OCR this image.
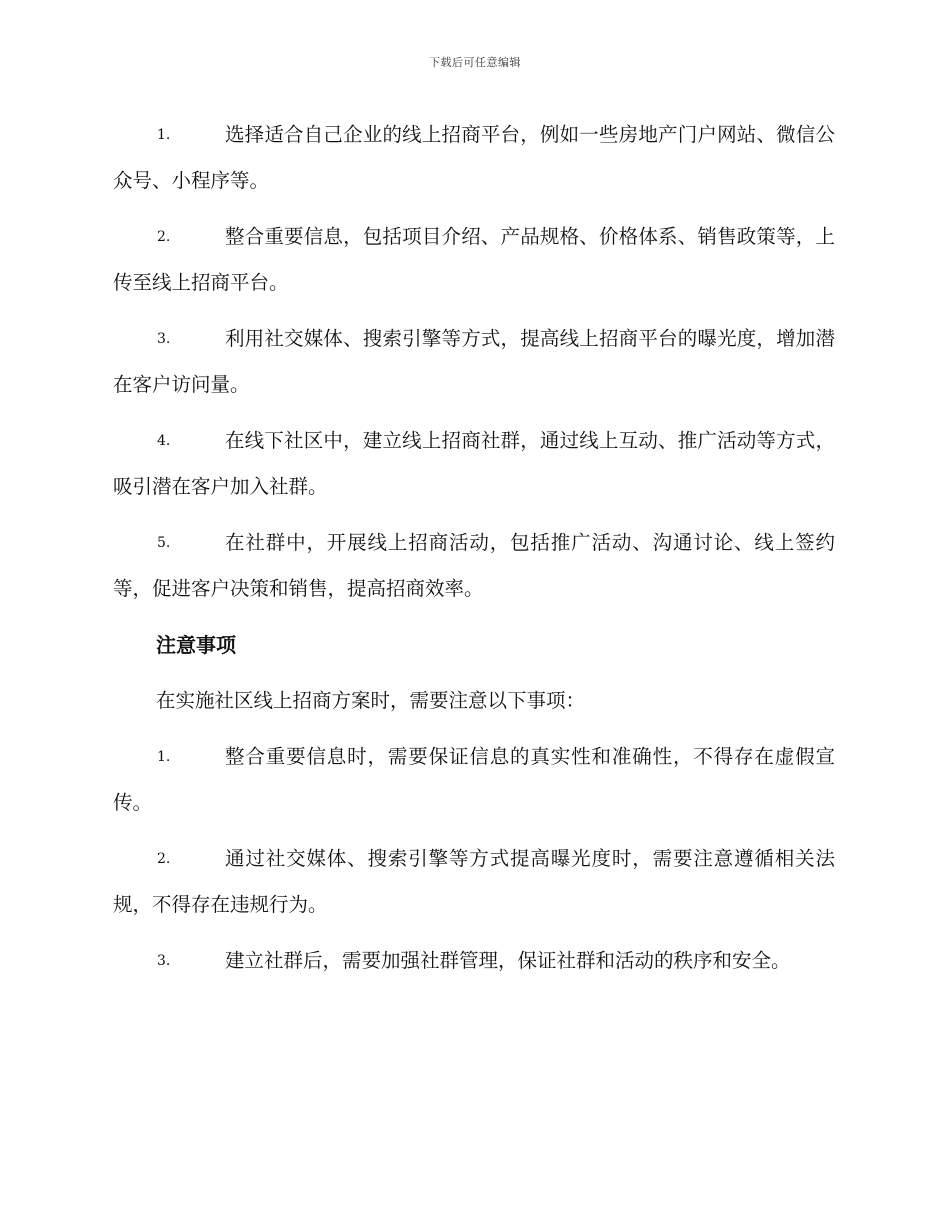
下载后可任意编辑
1.	选择适合自己企业的线上招商平台，例如一些房地产门户网站、微信公众号、小程序等。
2.	整合重要信息，包括项目介绍、产品规格、价格体系、销售政策等，上传至线上招商平台。
3.	利用社交媒体、搜索引擎等方式，提高线上招商平台的曝光度，增加潜在客户访问量。
4.	在线下社区中，建立线上招商社群，通过线上互动、推广活动等方式，吸引潜在客户加入社群。
5.	在社群中，开展线上招商活动，包括推广活动、沟通讨论、线上签约等，促进客户决策和销售，提高招商效率。
注意事项
在实施社区线上招商方案时，需要注意以下事项：
1.	整合重要信息时，需要保证信息的真实性和准确性，不得存在虚假宣传。
2.	通过社交媒体、搜索引擎等方式提高曝光度时，需要注意遵循相关法规，不得存在违规行为。
3.	建立社群后，需要加强社群管理，保证社群和活动的秩序和安全。
